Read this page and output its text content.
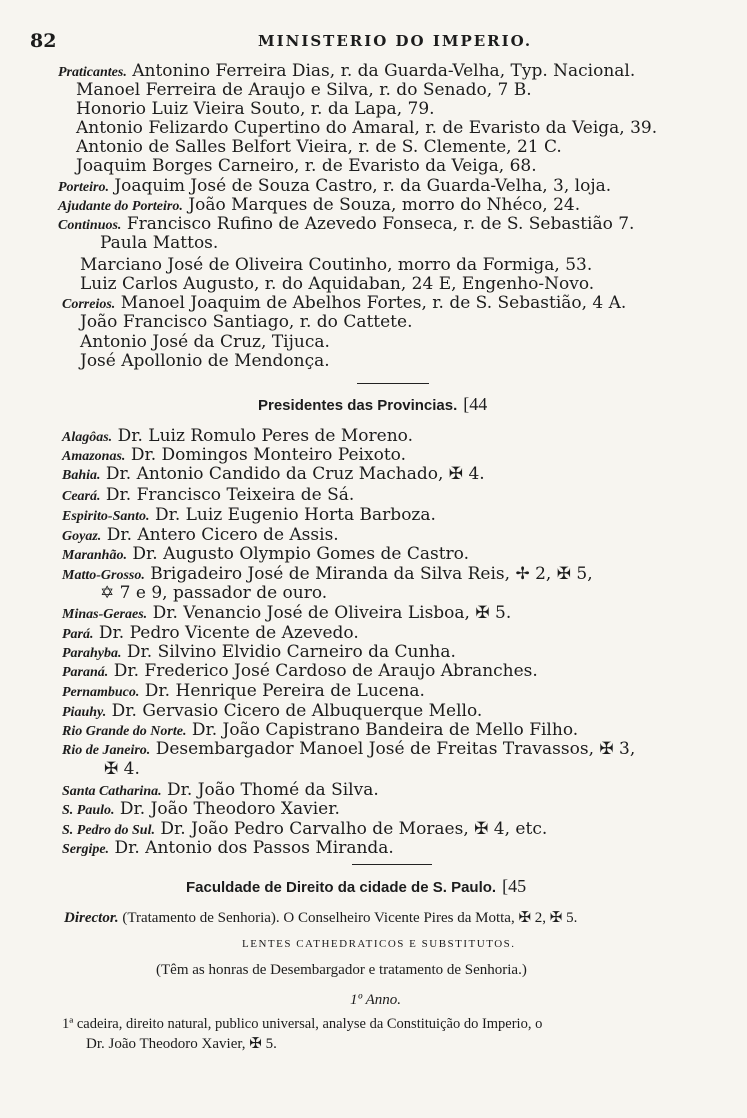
82	MINISTERIO DO IMPERIO.
Praticantes. Antonino Ferreira Dias, r. da Guarda-Velha, Typ. Nacional.
Manoel Ferreira de Araujo e Silva, r. do Senado, 7 B.
Honorio Luiz Vieira Souto, r. da Lapa, 79.
Antonio Felizardo Cupertino do Amaral, r. de Evaristo da Veiga, 39.
Antonio de Salles Belfort Vieira, r. de S. Clemente, 21 C.
Joaquim Borges Carneiro, r. de Evaristo da Veiga, 68.
Porteiro. Joaquim José de Souza Castro, r. da Guarda-Velha, 3, loja.
Ajudante do Porteiro. João Marques de Souza, morro do Nhéco, 24.
Continuos. Francisco Rufino de Azevedo Fonseca, r. de S. Sebastião 7.
Paula Mattos.
Marciano José de Oliveira Coutinho, morro da Formiga, 53.
Luiz Carlos Augusto, r. do Aquidaban, 24 E, Engenho-Novo.
Correios. Manoel Joaquim de Abelhos Fortes, r. de S. Sebastião, 4 A.
João Francisco Santiago, r. do Cattete.
Antonio José da Cruz, Tijuca.
José Apollonio de Mendonça.
Presidentes das Provincias. [44
Alagôas. Dr. Luiz Romulo Peres de Moreno.
Amazonas. Dr. Domingos Monteiro Peixoto.
Bahia. Dr. Antonio Candido da Cruz Machado, ✠ 4.
Ceará. Dr. Francisco Teixeira de Sá.
Espirito-Santo. Dr. Luiz Eugenio Horta Barboza.
Goyaz. Dr. Antero Cicero de Assis.
Maranhão. Dr. Augusto Olympio Gomes de Castro.
Matto-Grosso. Brigadeiro José de Miranda da Silva Reis, ✢ 2, ✠ 5,
✡ 7 e 9, passador de ouro.
Minas-Geraes. Dr. Venancio José de Oliveira Lisboa, ✠ 5.
Pará. Dr. Pedro Vicente de Azevedo.
Parahyba. Dr. Silvino Elvidio Carneiro da Cunha.
Paraná. Dr. Frederico José Cardoso de Araujo Abranches.
Pernambuco. Dr. Henrique Pereira de Lucena.
Piauhy. Dr. Gervasio Cicero de Albuquerque Mello.
Rio Grande do Norte. Dr. João Capistrano Bandeira de Mello Filho.
Rio de Janeiro. Desembargador Manoel José de Freitas Travassos, ✠ 3,
✠ 4.
Santa Catharina. Dr. João Thomé da Silva.
S. Paulo. Dr. João Theodoro Xavier.
S. Pedro do Sul. Dr. João Pedro Carvalho de Moraes, ✠ 4, etc.
Sergipe. Dr. Antonio dos Passos Miranda.
Faculdade de Direito da cidade de S. Paulo. [45
Director. (Tratamento de Senhoria). O Conselheiro Vicente Pires da Motta, ✠ 2, ✠ 5.
LENTES CATHEDRATICOS E SUBSTITUTOS.
(Têm as honras de Desembargador e tratamento de Senhoria.)
1º Anno.
1ª cadeira, direito natural, publico universal, analyse da Constituição do Imperio, o
Dr. João Theodoro Xavier, ✠ 5.
